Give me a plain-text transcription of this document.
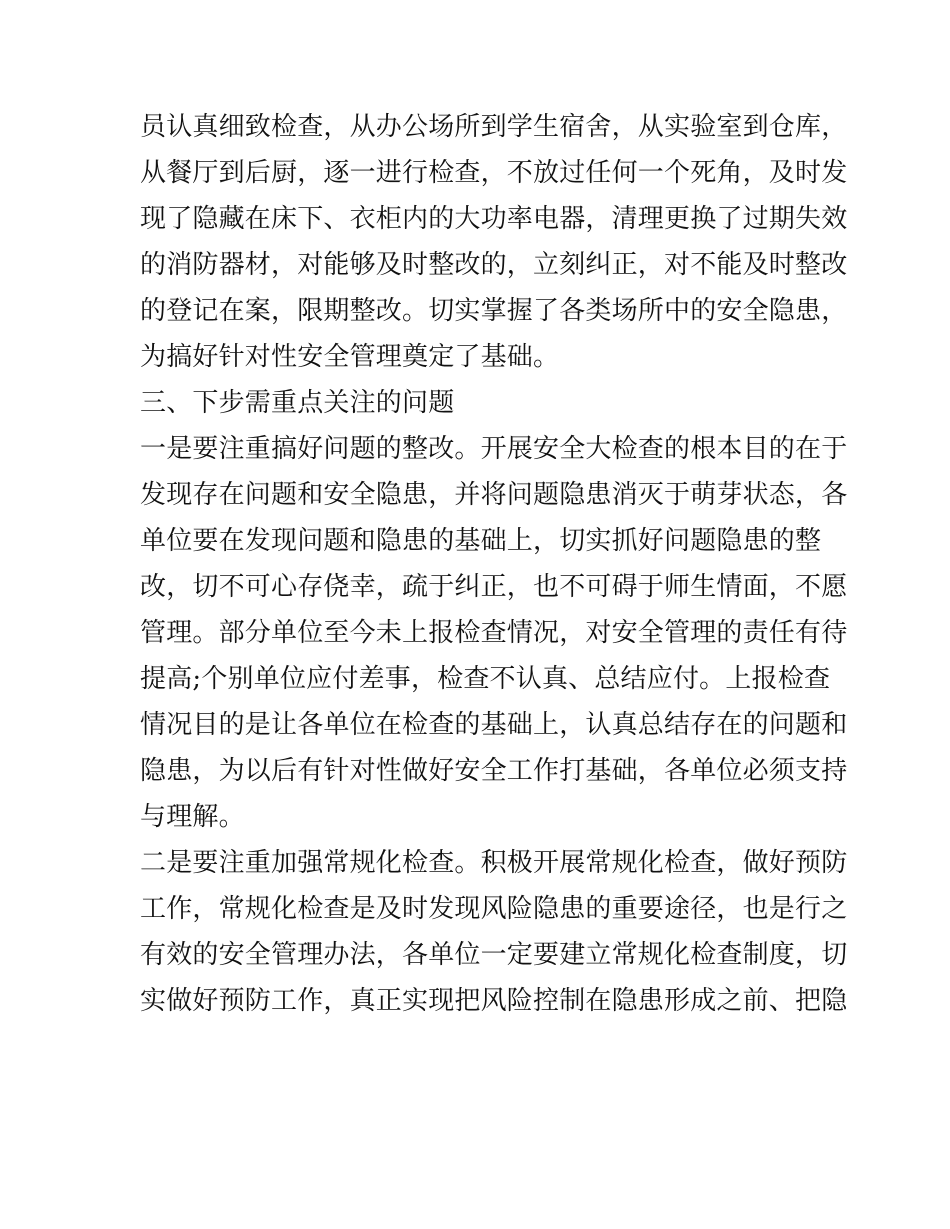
员认真细致检查，从办公场所到学生宿舍，从实验室到仓库，
从餐厅到后厨，逐一进行检查，不放过任何一个死角，及时发
现了隐藏在床下、衣柜内的大功率电器，清理更换了过期失效
的消防器材，对能够及时整改的，立刻纠正，对不能及时整改
的登记在案，限期整改。切实掌握了各类场所中的安全隐患，
为搞好针对性安全管理奠定了基础。
三、下步需重点关注的问题
一是要注重搞好问题的整改。开展安全大检查的根本目的在于
发现存在问题和安全隐患，并将问题隐患消灭于萌芽状态，各
单位要在发现问题和隐患的基础上，切实抓好问题隐患的整
改，切不可心存侥幸，疏于纠正，也不可碍于师生情面，不愿
管理。部分单位至今未上报检查情况，对安全管理的责任有待
提高;个别单位应付差事，检查不认真、总结应付。上报检查
情况目的是让各单位在检查的基础上，认真总结存在的问题和
隐患，为以后有针对性做好安全工作打基础，各单位必须支持
与理解。
二是要注重加强常规化检查。积极开展常规化检查，做好预防
工作，常规化检查是及时发现风险隐患的重要途径，也是行之
有效的安全管理办法，各单位一定要建立常规化检查制度，切
实做好预防工作，真正实现把风险控制在隐患形成之前、把隐
